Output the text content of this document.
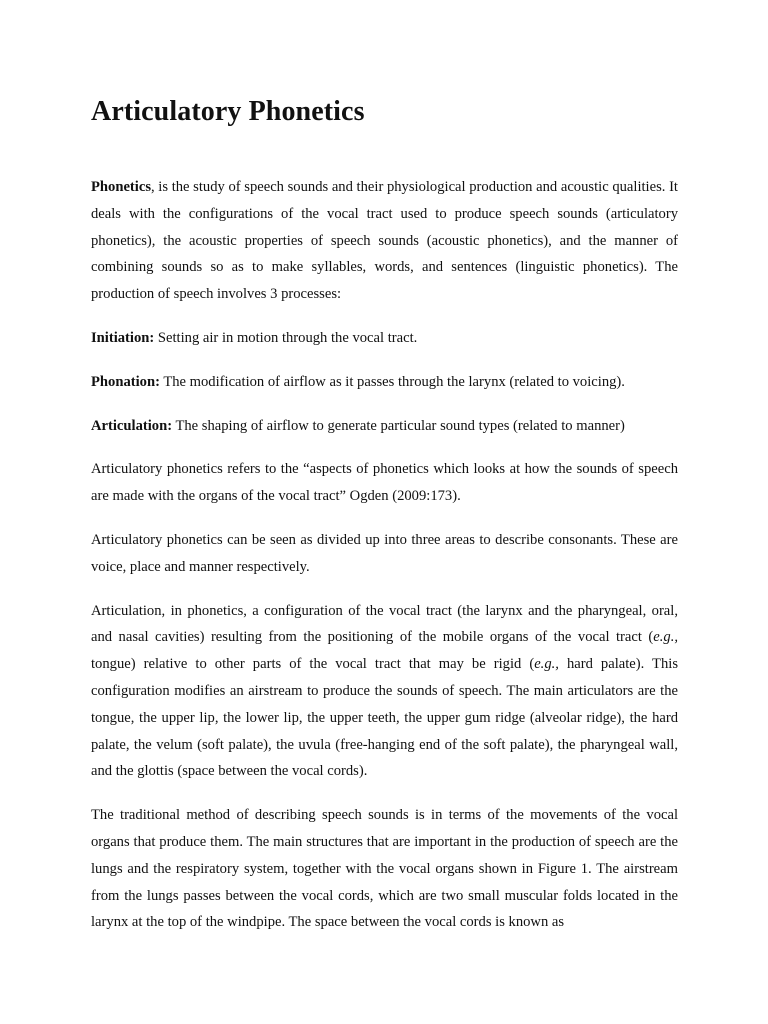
Articulatory Phonetics

Phonetics, is the study of speech sounds and their physiological production and acoustic qualities. It deals with the configurations of the vocal tract used to produce speech sounds (articulatory phonetics), the acoustic properties of speech sounds (acoustic phonetics), and the manner of combining sounds so as to make syllables, words, and sentences (linguistic phonetics). The production of speech involves 3 processes:

Initiation: Setting air in motion through the vocal tract.

Phonation: The modification of airflow as it passes through the larynx (related to voicing).

Articulation: The shaping of airflow to generate particular sound types (related to manner)

Articulatory phonetics refers to the “aspects of phonetics which looks at how the sounds of speech are made with the organs of the vocal tract” Ogden (2009:173).

Articulatory phonetics can be seen as divided up into three areas to describe consonants. These are voice, place and manner respectively.

Articulation, in phonetics, a configuration of the vocal tract (the larynx and the pharyngeal, oral, and nasal cavities) resulting from the positioning of the mobile organs of the vocal tract (e.g., tongue) relative to other parts of the vocal tract that may be rigid (e.g., hard palate). This configuration modifies an airstream to produce the sounds of speech. The main articulators are the tongue, the upper lip, the lower lip, the upper teeth, the upper gum ridge (alveolar ridge), the hard palate, the velum (soft palate), the uvula (free-hanging end of the soft palate), the pharyngeal wall, and the glottis (space between the vocal cords).

The traditional method of describing speech sounds is in terms of the movements of the vocal organs that produce them. The main structures that are important in the production of speech are the lungs and the respiratory system, together with the vocal organs shown in Figure 1. The airstream from the lungs passes between the vocal cords, which are two small muscular folds located in the larynx at the top of the windpipe. The space between the vocal cords is known as
